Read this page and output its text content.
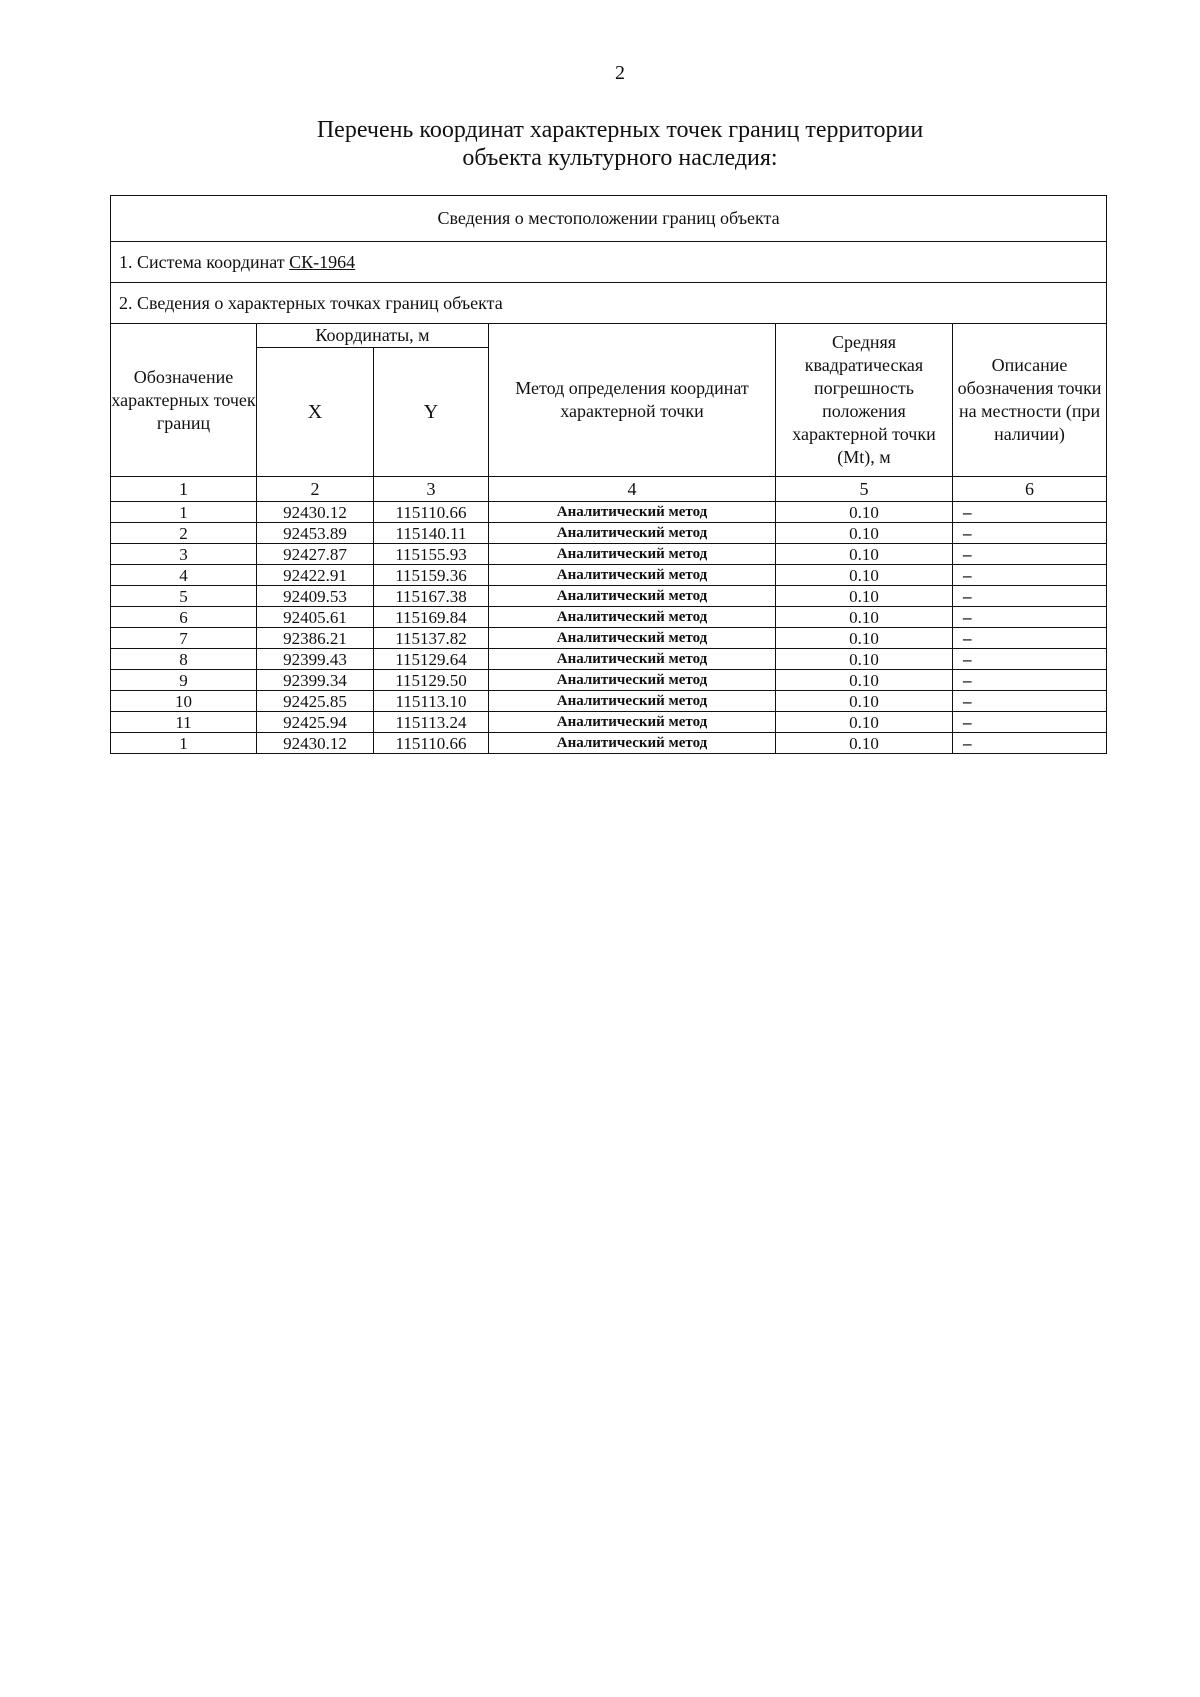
2
Перечень координат характерных точек границ территории
объекта культурного наследия:
Сведения о местоположении границ объекта					
1. Система координат СК-1964					
2. Сведения о характерных точках границ объекта					
Обозначение характерных точек границ	Координаты, м		Метод определения координат характерной точки	Средняя квадратическая погрешность положения характерной точки (Mt), м	Описание обозначения точки на местности (при наличии)
	X	Y			
1	2	3	4	5	6
1	92430.12	115110.66	Аналитический метод	0.10	–
2	92453.89	115140.11	Аналитический метод	0.10	–
3	92427.87	115155.93	Аналитический метод	0.10	–
4	92422.91	115159.36	Аналитический метод	0.10	–
5	92409.53	115167.38	Аналитический метод	0.10	–
6	92405.61	115169.84	Аналитический метод	0.10	–
7	92386.21	115137.82	Аналитический метод	0.10	–
8	92399.43	115129.64	Аналитический метод	0.10	–
9	92399.34	115129.50	Аналитический метод	0.10	–
10	92425.85	115113.10	Аналитический метод	0.10	–
11	92425.94	115113.24	Аналитический метод	0.10	–
1	92430.12	115110.66	Аналитический метод	0.10	–
